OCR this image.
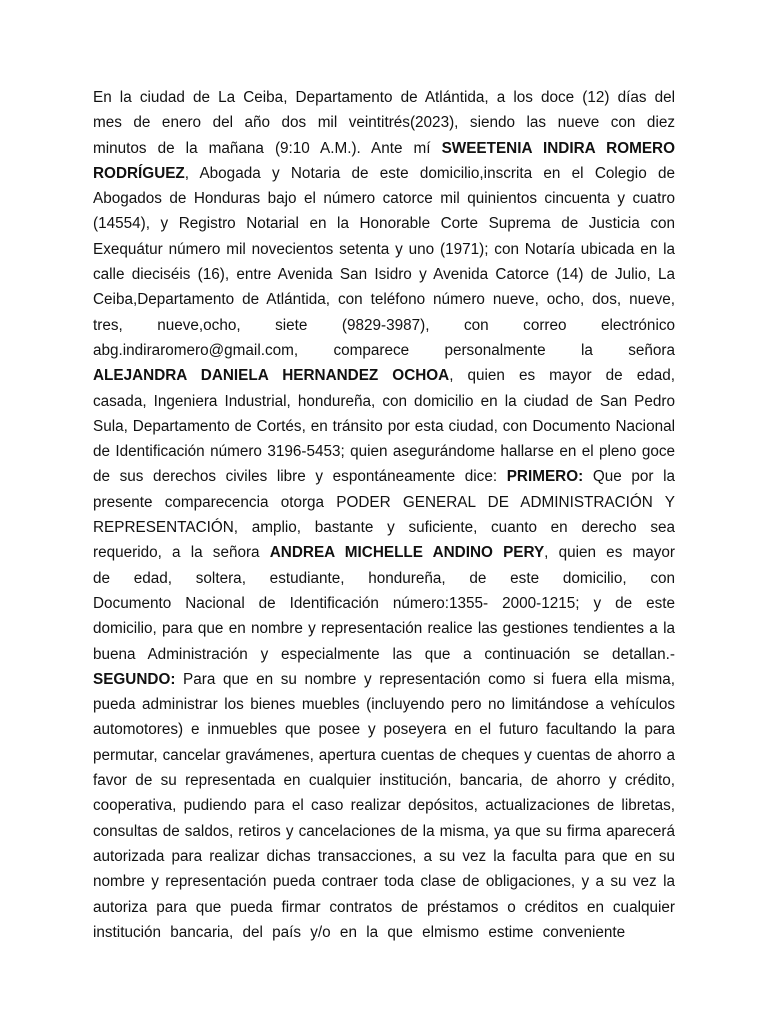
En la ciudad de La Ceiba, Departamento de Atlántida, a los doce (12) días del
mes de enero del año dos mil veintitrés(2023), siendo las nueve con diez
minutos de la mañana (9:10 A.M.). Ante mí SWEETENIA INDIRA ROMERO
RODRÍGUEZ, Abogada y Notaria de este domicilio,inscrita en el Colegio de
Abogados de Honduras bajo el número catorce mil quinientos cincuenta y cuatro
(14554), y Registro Notarial en la Honorable Corte Suprema de Justicia con
Exequátur número mil novecientos setenta y uno (1971); con Notaría ubicada en la
calle dieciséis (16), entre Avenida San Isidro y Avenida Catorce (14) de Julio, La
Ceiba,Departamento de Atlántida, con teléfono número nueve, ocho, dos, nueve,
tres, nueve,ocho, siete (9829-3987), con correo electrónico
abg.indiraromero@gmail.com, comparece personalmente la señora
ALEJANDRA DANIELA HERNANDEZ OCHOA, quien es mayor de edad,
casada, Ingeniera Industrial, hondureña, con domicilio en la ciudad de San Pedro
Sula, Departamento de Cortés, en tránsito por esta ciudad, con Documento Nacional
de Identificación número 3196-5453; quien asegurándome hallarse en el pleno goce
de sus derechos civiles libre y espontáneamente dice: PRIMERO: Que por la
presente comparecencia otorga PODER GENERAL DE ADMINISTRACIÓN Y
REPRESENTACIÓN, amplio, bastante y suficiente, cuanto en derecho sea
requerido, a la señora ANDREA MICHELLE ANDINO PERY, quien es mayor
de edad, soltera, estudiante, hondureña, de este domicilio, con
Documento Nacional de Identificación número:1355- 2000-1215; y de este
domicilio, para que en nombre y representación realice las gestiones tendientes a la
buena Administración y especialmente las que a continuación se detallan.-
SEGUNDO: Para que en su nombre y representación como si fuera ella misma,
pueda administrar los bienes muebles (incluyendo pero no limitándose a vehículos
automotores) e inmuebles que posee y poseyera en el futuro facultando la para
permutar, cancelar gravámenes, apertura cuentas de cheques y cuentas de ahorro a
favor de su representada en cualquier institución, bancaria, de ahorro y crédito,
cooperativa, pudiendo para el caso realizar depósitos, actualizaciones de libretas,
consultas de saldos, retiros y cancelaciones de la misma, ya que su firma aparecerá
autorizada para realizar dichas transacciones, a su vez la faculta para que en su
nombre y representación pueda contraer toda clase de obligaciones, y a su vez la
autoriza para que pueda firmar contratos de préstamos o créditos en cualquier
institución bancaria, del país y/o en la que elmismo estime conveniente
